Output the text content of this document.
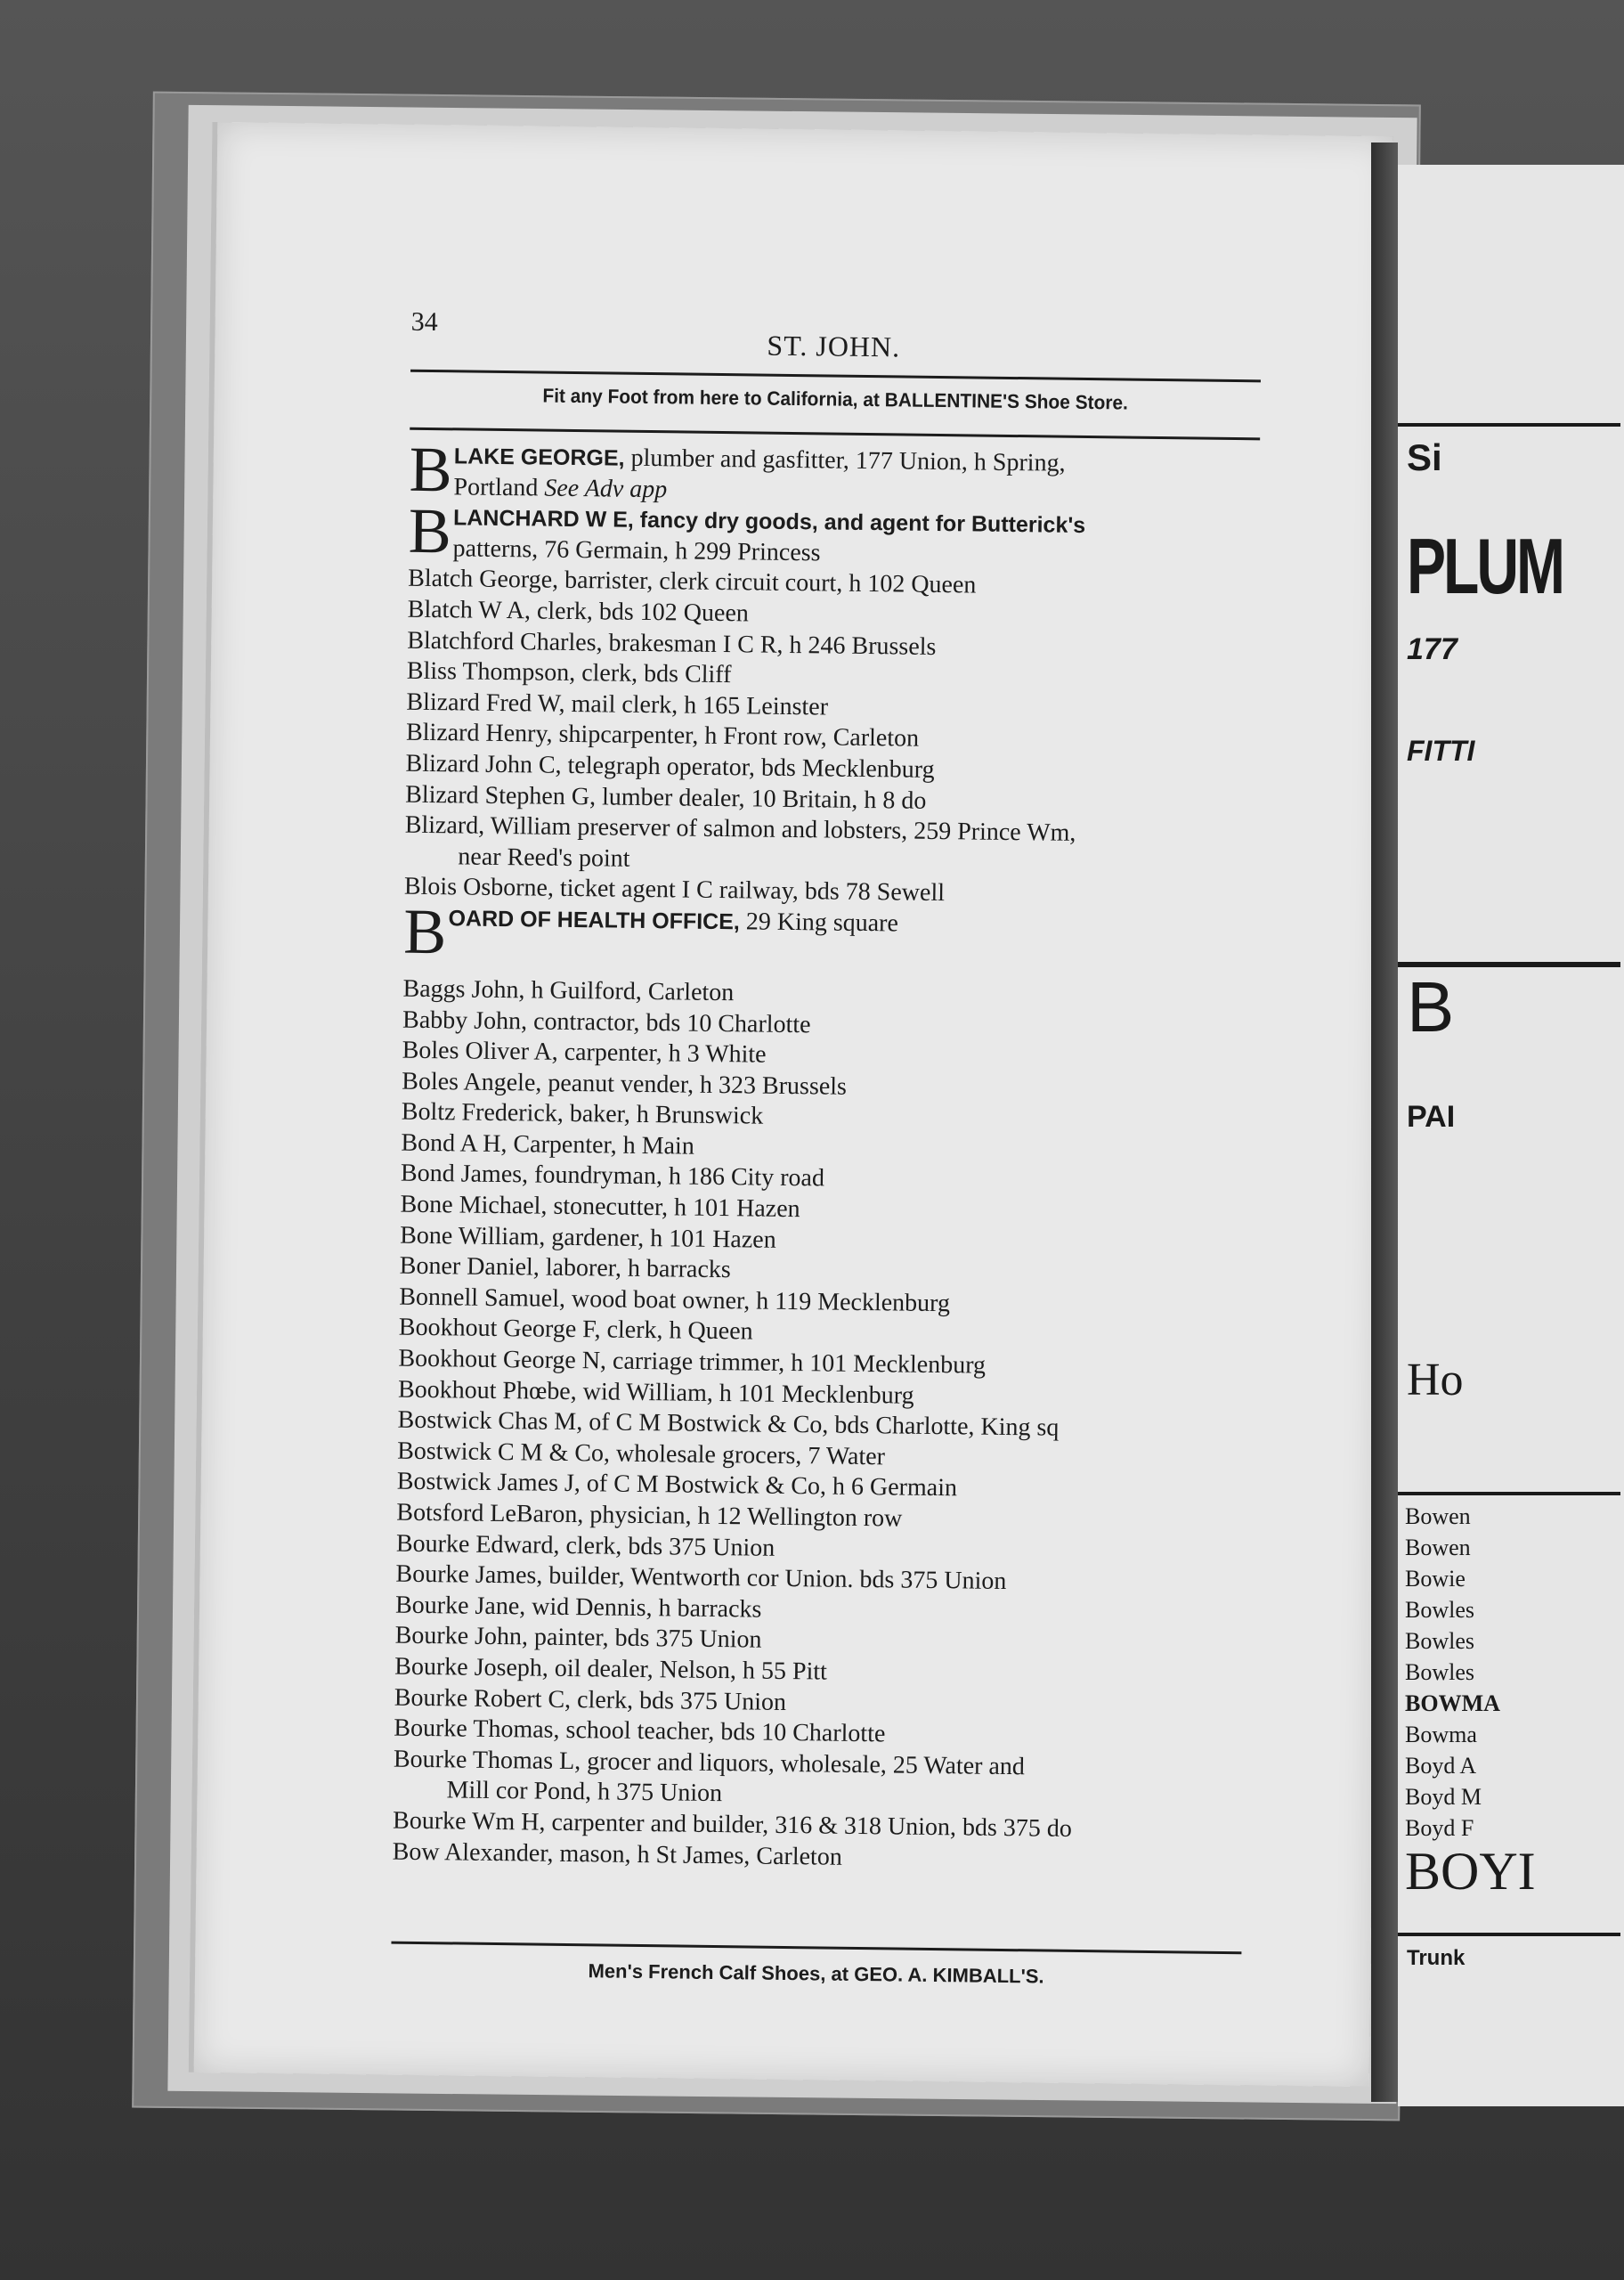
34
ST. JOHN.
Fit any Foot from here to California, at BALLENTINE'S Shoe Store.
B LAKE GEORGE, plumber and gasfitter, 177 Union, h Spring,
Portland See Adv app
B LANCHARD W E, fancy dry goods, and agent for Butterick's
patterns, 76 Germain, h 299 Princess
Blatch George, barrister, clerk circuit court, h 102 Queen
Blatch W A, clerk, bds 102 Queen
Blatchford Charles, brakesman I C R, h 246 Brussels
Bliss Thompson, clerk, bds Cliff
Blizard Fred W, mail clerk, h 165 Leinster
Blizard Henry, shipcarpenter, h Front row, Carleton
Blizard John C, telegraph operator, bds Mecklenburg
Blizard Stephen G, lumber dealer, 10 Britain, h 8 do
Blizard, William preserver of salmon and lobsters, 259 Prince Wm,
near Reed's point
Blois Osborne, ticket agent I C railway, bds 78 Sewell
B OARD OF HEALTH OFFICE, 29 King square
Baggs John, h Guilford, Carleton
Babby John, contractor, bds 10 Charlotte
Boles Oliver A, carpenter, h 3 White
Boles Angele, peanut vender, h 323 Brussels
Boltz Frederick, baker, h Brunswick
Bond A H, Carpenter, h Main
Bond James, foundryman, h 186 City road
Bone Michael, stonecutter, h 101 Hazen
Bone William, gardener, h 101 Hazen
Boner Daniel, laborer, h barracks
Bonnell Samuel, wood boat owner, h 119 Mecklenburg
Bookhout George F, clerk, h Queen
Bookhout George N, carriage trimmer, h 101 Mecklenburg
Bookhout Phœbe, wid William, h 101 Mecklenburg
Bostwick Chas M, of C M Bostwick & Co, bds Charlotte, King sq
Bostwick C M & Co, wholesale grocers, 7 Water
Bostwick James J, of C M Bostwick & Co, h 6 Germain
Botsford LeBaron, physician, h 12 Wellington row
Bourke Edward, clerk, bds 375 Union
Bourke James, builder, Wentworth cor Union. bds 375 Union
Bourke Jane, wid Dennis, h barracks
Bourke John, painter, bds 375 Union
Bourke Joseph, oil dealer, Nelson, h 55 Pitt
Bourke Robert C, clerk, bds 375 Union
Bourke Thomas, school teacher, bds 10 Charlotte
Bourke Thomas L, grocer and liquors, wholesale, 25 Water and
Mill cor Pond, h 375 Union
Bourke Wm H, carpenter and builder, 316 & 318 Union, bds 375 do
Bow Alexander, mason, h St James, Carleton
Men's French Calf Shoes, at GEO. A. KIMBALL'S.
Si
PLUM
177
FITTI
B
PAI
Ho
Bowen
Bowen
Bowie
Bowles
Bowles
Bowles
BOWMA
Bowma
Boyd A
Boyd M
Boyd F
BOYI
Trunk
